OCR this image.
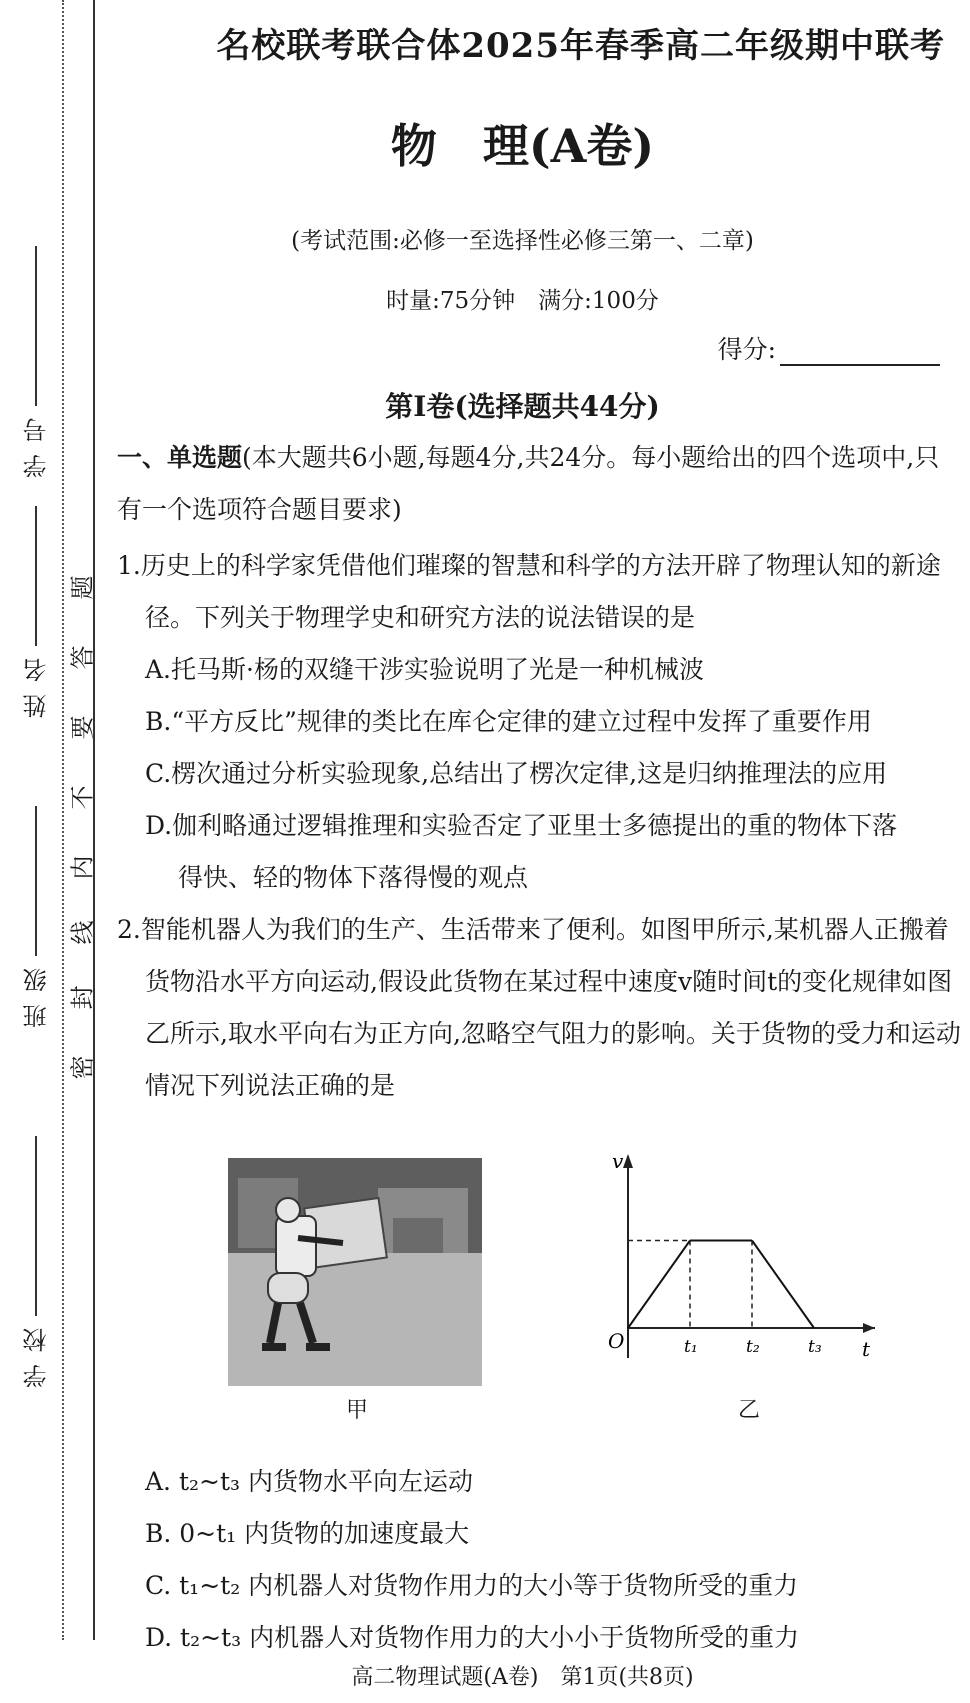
学号
姓名
班级
学校
密
封
线
内
不
要
答
题
名校联考联合体2025年春季高二年级期中联考
物　理(A卷)
(考试范围:必修一至选择性必修三第一、二章)
时量:75分钟　满分:100分
得分:
第Ⅰ卷(选择题共44分)
一、单选题(本大题共6小题,每题4分,共24分。每小题给出的四个选项中,只有一个选项符合题目要求)
1.历史上的科学家凭借他们璀璨的智慧和科学的方法开辟了物理认知的新途径。下列关于物理学史和研究方法的说法错误的是
A.托马斯·杨的双缝干涉实验说明了光是一种机械波
B.“平方反比”规律的类比在库仑定律的建立过程中发挥了重要作用
C.楞次通过分析实验现象,总结出了楞次定律,这是归纳推理法的应用
D.伽利略通过逻辑推理和实验否定了亚里士多德提出的重的物体下落
得快、轻的物体下落得慢的观点
2.智能机器人为我们的生产、生活带来了便利。如图甲所示,某机器人正搬着货物沿水平方向运动,假设此货物在某过程中速度v随时间t的变化规律如图乙所示,取水平向右为正方向,忽略空气阻力的影响。关于货物的受力和运动情况下列说法正确的是
甲
v
t
O	t₁	t₂	t₃
乙
A. t₂~t₃ 内货物水平向左运动
B. 0~t₁ 内货物的加速度最大
C. t₁~t₂ 内机器人对货物作用力的大小等于货物所受的重力
D. t₂~t₃ 内机器人对货物作用力的大小小于货物所受的重力
高二物理试题(A卷)　第1页(共8页)
